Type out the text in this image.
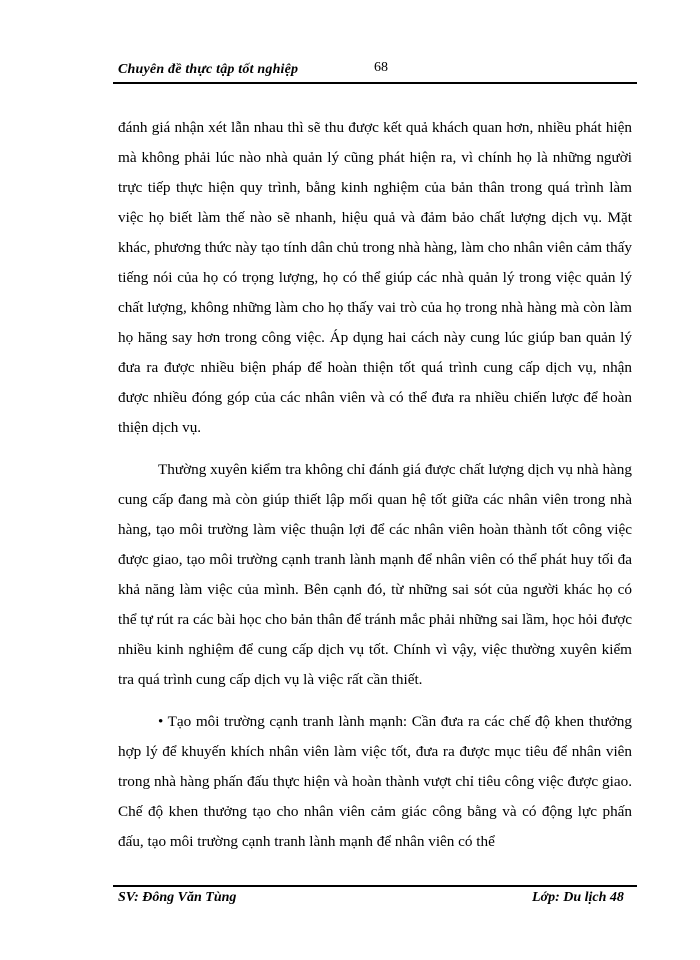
Chuyên đề thực tập tốt nghiệp	68

đánh giá nhận xét lẫn nhau thì sẽ thu được kết quả khách quan hơn, nhiều phát hiện mà không phải lúc nào nhà quản lý cũng phát hiện ra, vì chính họ là những người trực tiếp thực hiện quy trình, bằng kinh nghiệm của bản thân trong quá trình làm việc họ biết làm thế nào sẽ nhanh, hiệu quả và đảm bảo chất lượng dịch vụ. Mặt khác, phương thức này tạo tính dân chủ trong nhà hàng, làm cho nhân viên cảm thấy tiếng nói của họ có trọng lượng, họ có thể giúp các nhà quản lý trong việc quản lý chất lượng, không những làm cho họ thấy vai trò của họ trong nhà hàng mà còn làm họ hăng say hơn trong công việc. Áp dụng hai cách này cung lúc giúp ban quản lý đưa ra được nhiều biện pháp để hoàn thiện tốt quá trình cung cấp dịch vụ, nhận được nhiều đóng góp của các nhân viên và có thể đưa ra nhiều chiến lược để hoàn thiện dịch vụ.

Thường xuyên kiểm tra không chỉ đánh giá được chất lượng dịch vụ nhà hàng cung cấp đang mà còn giúp thiết lập mối quan hệ tốt giữa các nhân viên trong nhà hàng, tạo môi trường làm việc thuận lợi để các nhân viên hoàn thành tốt công việc được giao, tạo môi trường cạnh tranh lành mạnh để nhân viên có thể phát huy tối đa khả năng làm việc của mình. Bên cạnh đó, từ những sai sót của người khác họ có thể tự rút ra các bài học cho bản thân để tránh mắc phải những sai lầm, học hỏi được nhiều kinh nghiệm để cung cấp dịch vụ tốt. Chính vì vậy, việc thường xuyên kiểm tra quá trình cung cấp dịch vụ là việc rất cần thiết.

• Tạo môi trường cạnh tranh lành mạnh: Cần đưa ra các chế độ khen thưởng hợp lý để khuyến khích nhân viên làm việc tốt, đưa ra được mục tiêu để nhân viên trong nhà hàng phấn đấu thực hiện và hoàn thành vượt chỉ tiêu công việc được giao. Chế độ khen thưởng tạo cho nhân viên cảm giác công bằng và có động lực phấn đấu, tạo môi trường cạnh tranh lành mạnh để nhân viên có thể

SV: Đông Văn Tùng	Lớp: Du lịch 48
